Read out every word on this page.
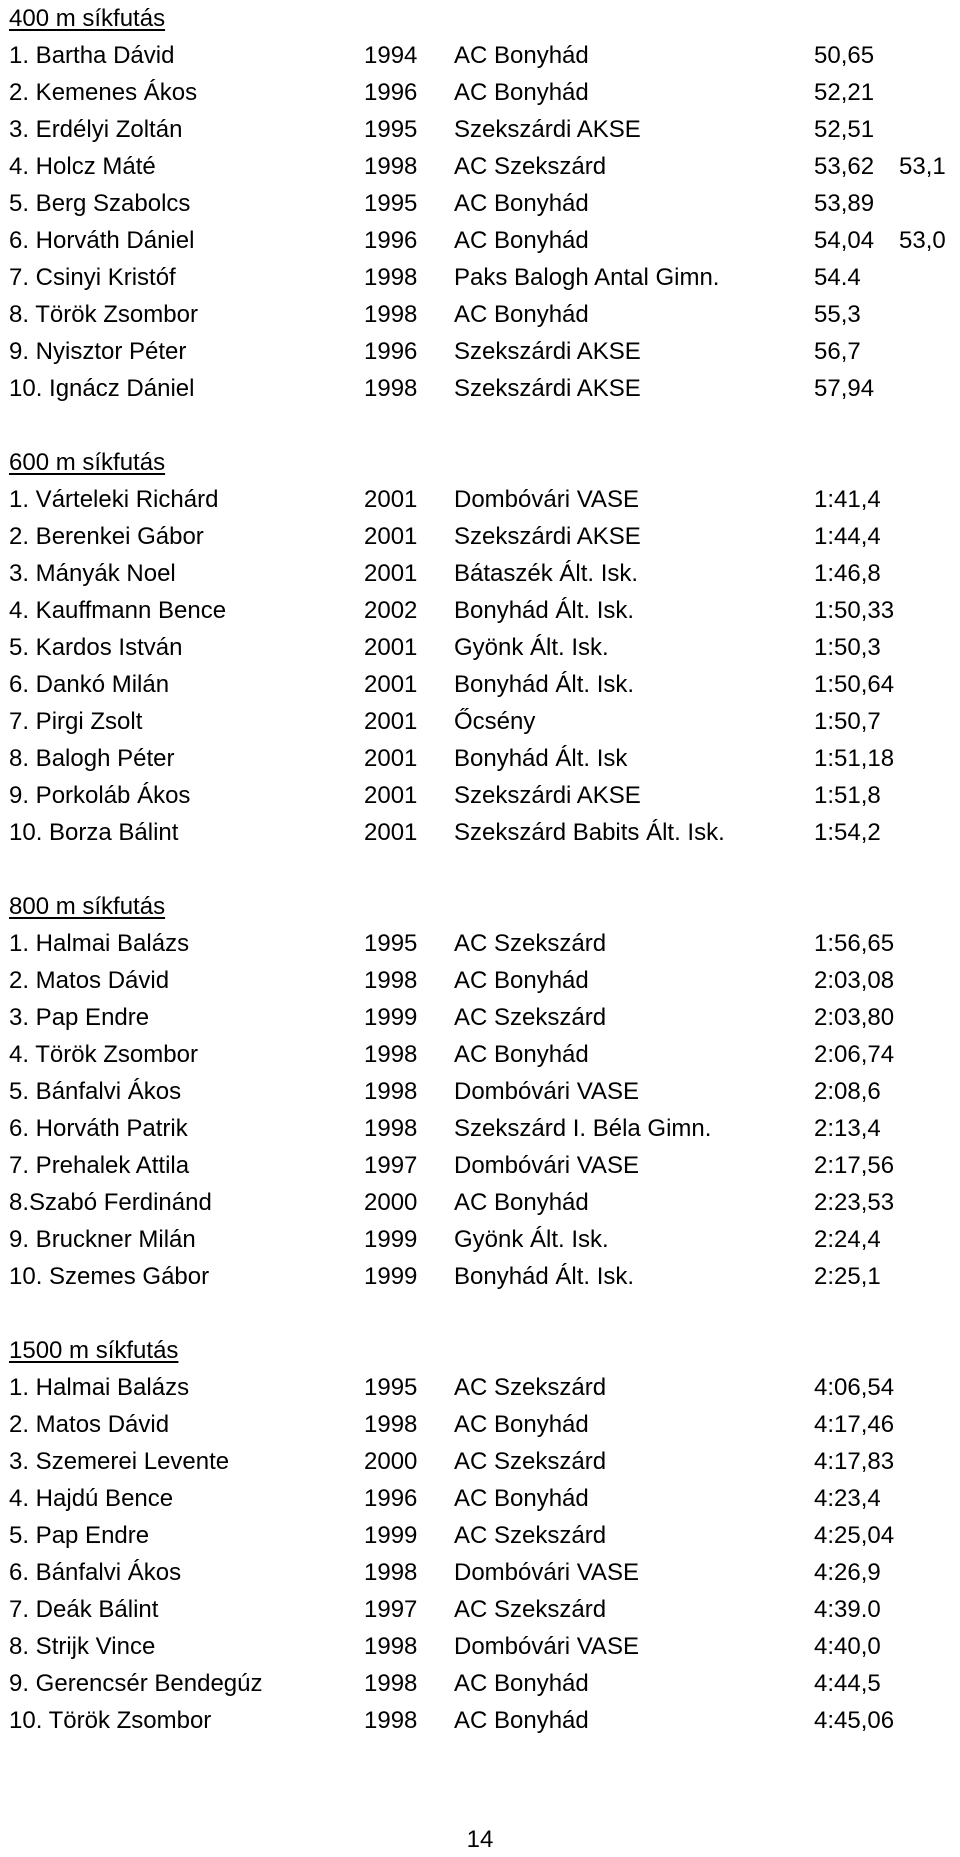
400 m síkfutás
1. Bartha Dávid	1994 AC Bonyhád	50,65
2. Kemenes Ákos	1996 AC Bonyhád	52,21
3. Erdélyi Zoltán	1995 Szekszárdi AKSE	52,51
4. Holcz Máté	1998 AC Szekszárd	53,62 53,1
5. Berg Szabolcs	1995 AC Bonyhád	53,89
6. Horváth Dániel	1996 AC Bonyhád	54,04 53,0
7. Csinyi Kristóf	1998 Paks Balogh Antal Gimn.	54.4
8. Török Zsombor	1998 AC Bonyhád	55,3
9. Nyisztor Péter	1996 Szekszárdi AKSE	56,7
10. Ignácz Dániel	1998 Szekszárdi AKSE	57,94
600 m síkfutás
1. Várteleki Richárd	2001 Dombóvári VASE	1:41,4
2. Berenkei Gábor	2001 Szekszárdi AKSE	1:44,4
3. Mányák Noel	2001 Bátaszék Ált. Isk.	1:46,8
4. Kauffmann Bence	2002 Bonyhád Ált. Isk.	1:50,33
5. Kardos István	2001 Gyönk Ált. Isk.	1:50,3
6. Dankó Milán	2001 Bonyhád Ált. Isk.	1:50,64
7. Pirgi Zsolt	2001 Őcsény	1:50,7
8. Balogh Péter	2001 Bonyhád Ált. Isk	1:51,18
9. Porkoláb Ákos	2001 Szekszárdi AKSE	1:51,8
10. Borza Bálint	2001 Szekszárd Babits Ált. Isk.	1:54,2
800 m síkfutás
1. Halmai Balázs	1995 AC Szekszárd	1:56,65
2. Matos Dávid	1998 AC Bonyhád	2:03,08
3. Pap Endre	1999 AC Szekszárd	2:03,80
4. Török Zsombor	1998 AC Bonyhád	2:06,74
5. Bánfalvi Ákos	1998 Dombóvári VASE	2:08,6
6. Horváth Patrik	1998 Szekszárd I. Béla Gimn.	2:13,4
7. Prehalek Attila	1997 Dombóvári VASE	2:17,56
8.Szabó Ferdinánd	2000 AC Bonyhád	2:23,53
9. Bruckner Milán	1999 Gyönk Ált. Isk.	2:24,4
10. Szemes Gábor	1999 Bonyhád Ált. Isk.	2:25,1
1500 m síkfutás
1. Halmai Balázs	1995 AC Szekszárd	4:06,54
2. Matos Dávid	1998 AC Bonyhád	4:17,46
3. Szemerei Levente	2000 AC Szekszárd	4:17,83
4. Hajdú Bence	1996 AC Bonyhád	4:23,4
5. Pap Endre	1999 AC Szekszárd	4:25,04
6. Bánfalvi Ákos	1998 Dombóvári VASE	4:26,9
7. Deák Bálint	1997 AC Szekszárd	4:39.0
8. Strijk Vince	1998 Dombóvári VASE	4:40,0
9. Gerencsér Bendegúz	1998 AC Bonyhád	4:44,5
10. Török Zsombor	1998 AC Bonyhád	4:45,06
14
